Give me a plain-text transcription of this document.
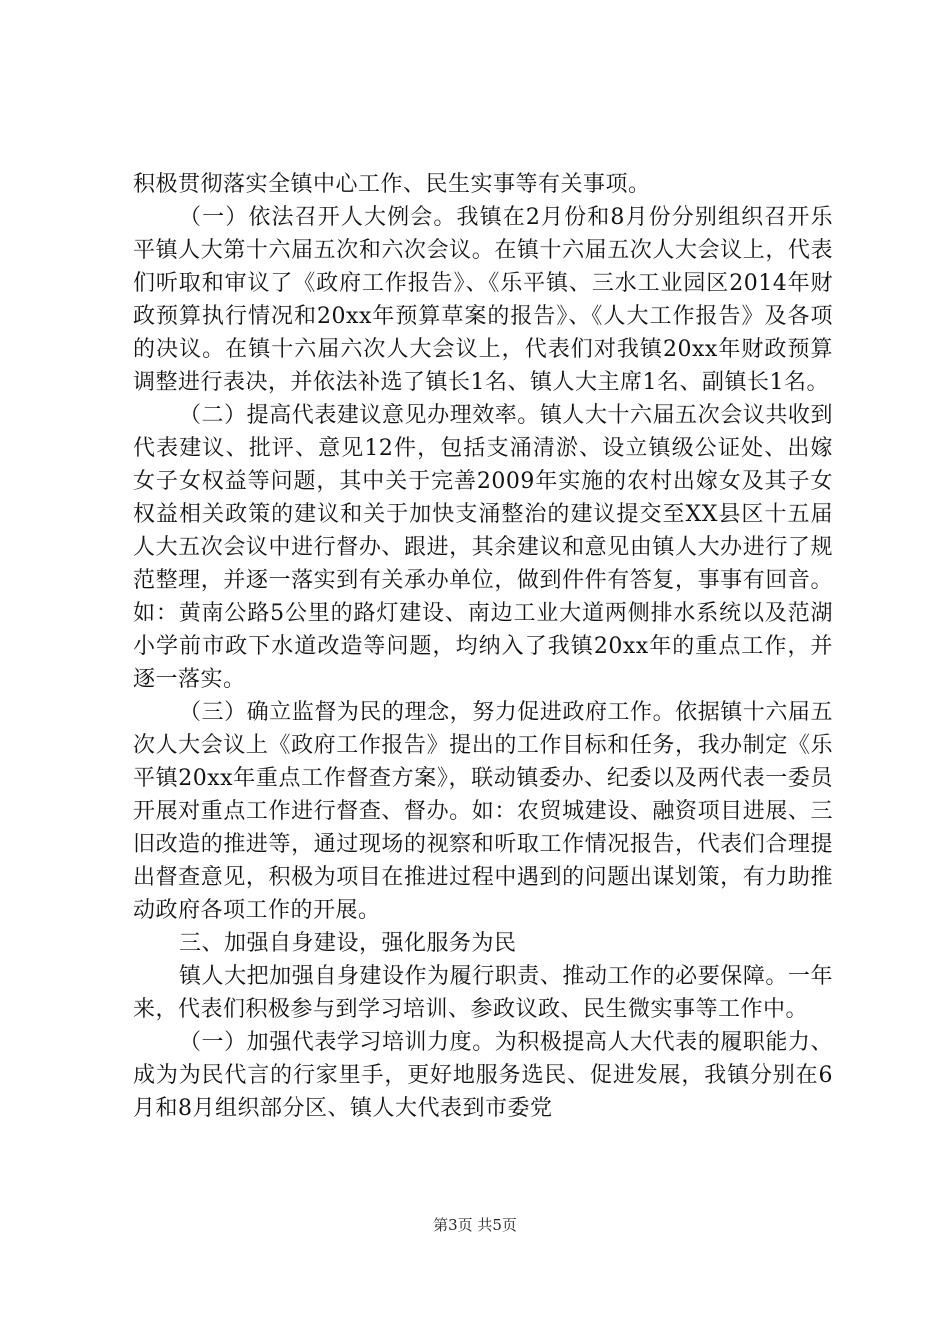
积极贯彻落实全镇中心工作、民生实事等有关事项。

（一）依法召开人大例会。我镇在2月份和8月份分别组织召开乐平镇人大第十六届五次和六次会议。在镇十六届五次人大会议上，代表们听取和审议了《政府工作报告》、《乐平镇、三水工业园区2014年财政预算执行情况和20xx年预算草案的报告》、《人大工作报告》及各项的决议。在镇十六届六次人大会议上，代表们对我镇20xx年财政预算调整进行表决，并依法补选了镇长1名、镇人大主席1名、副镇长1名。

（二）提高代表建议意见办理效率。镇人大十六届五次会议共收到代表建议、批评、意见12件，包括支涌清淤、设立镇级公证处、出嫁女子女权益等问题，其中关于完善2009年实施的农村出嫁女及其子女权益相关政策的建议和关于加快支涌整治的建议提交至XX县区十五届人大五次会议中进行督办、跟进，其余建议和意见由镇人大办进行了规范整理，并逐一落实到有关承办单位，做到件件有答复，事事有回音。如：黄南公路5公里的路灯建设、南边工业大道两侧排水系统以及范湖小学前市政下水道改造等问题，均纳入了我镇20xx年的重点工作，并逐一落实。

（三）确立监督为民的理念，努力促进政府工作。依据镇十六届五次人大会议上《政府工作报告》提出的工作目标和任务，我办制定《乐平镇20xx年重点工作督查方案》，联动镇委办、纪委以及两代表一委员开展对重点工作进行督查、督办。如：农贸城建设、融资项目进展、三旧改造的推进等，通过现场的视察和听取工作情况报告，代表们合理提出督查意见，积极为项目在推进过程中遇到的问题出谋划策，有力助推动政府各项工作的开展。

三、加强自身建设，强化服务为民

镇人大把加强自身建设作为履行职责、推动工作的必要保障。一年来，代表们积极参与到学习培训、参政议政、民生微实事等工作中。

（一）加强代表学习培训力度。为积极提高人大代表的履职能力、成为为民代言的行家里手，更好地服务选民、促进发展，我镇分别在6月和8月组织部分区、镇人大代表到市委党

第3页 共5页
